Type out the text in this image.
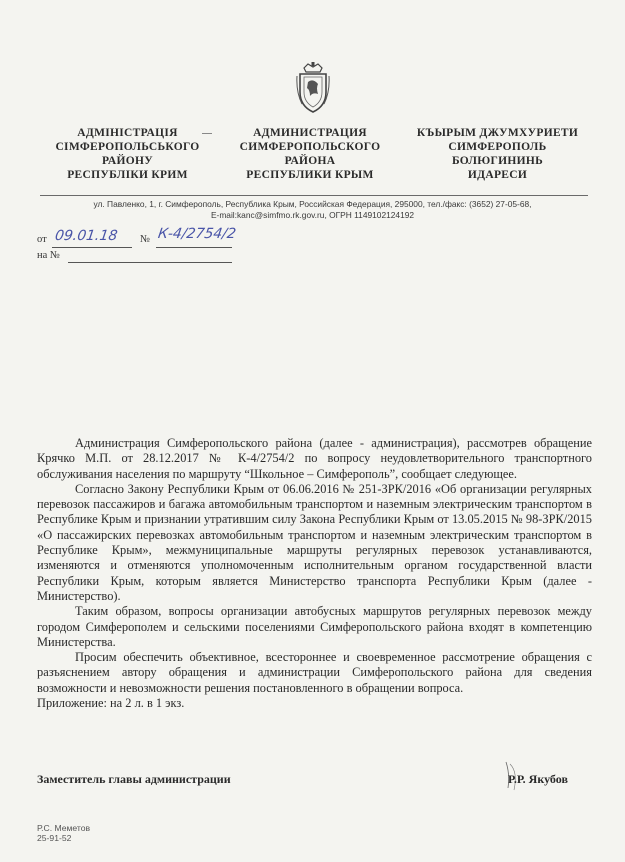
АДМІНІСТРАЦІЯ
СІМФЕРОПОЛЬСЬКОГО
РАЙОНУ
РЕСПУБЛІКИ КРИМ
АДМИНИСТРАЦИЯ
СИМФЕРОПОЛЬСКОГО
РАЙОНА
РЕСПУБЛИКИ КРЫМ
КЪЫРЫМ ДЖУМХУРИЕТИ
СИМФЕРОПОЛЬ
БОЛЮГИНИНЬ
ИДАРЕСИ
ул. Павленко, 1, г. Симферополь, Республика Крым, Российская Федерация, 295000, тел./факс: (3652) 27-05-68,
E-mail:kanc@simfmo.rk.gov.ru, ОГРН 1149102124192
от 09.01.18 № К-4/2754/2
на №

Администрация Симферопольского района (далее - администрация), рассмотрев обращение Крячко М.П. от 28.12.2017 № К-4/2754/2 по вопросу неудовлетворительного транспортного обслуживания населения по маршруту “Школьное – Симферополь”, сообщает следующее.

Согласно Закону Республики Крым от 06.06.2016 № 251-ЗРК/2016 «Об организации регулярных перевозок пассажиров и багажа автомобильным транспортом и наземным электрическим транспортом в Республике Крым и признании утратившим силу Закона Республики Крым от 13.05.2015 № 98-ЗРК/2015 «О пассажирских перевозках автомобильным транспортом и наземным электрическим транспортом в Республике Крым», межмуниципальные маршруты регулярных перевозок устанавливаются, изменяются и отменяются уполномоченным исполнительным органом государственной власти Республики Крым, которым является Министерство транспорта Республики Крым (далее - Министерство).

Таким образом, вопросы организации автобусных маршрутов регулярных перевозок между городом Симферополем и сельскими поселениями Симферопольского района входят в компетенцию Министерства.

Просим обеспечить объективное, всестороннее и своевременное рассмотрение обращения с разъяснением автору обращения и администрации Симферопольского района для сведения возможности и невозможности решения постановленного в обращении вопроса.

Приложение: на 2 л. в 1 экз.

Заместитель главы администрации	Р.Р. Якубов
Р.С. Меметов
25-91-52
